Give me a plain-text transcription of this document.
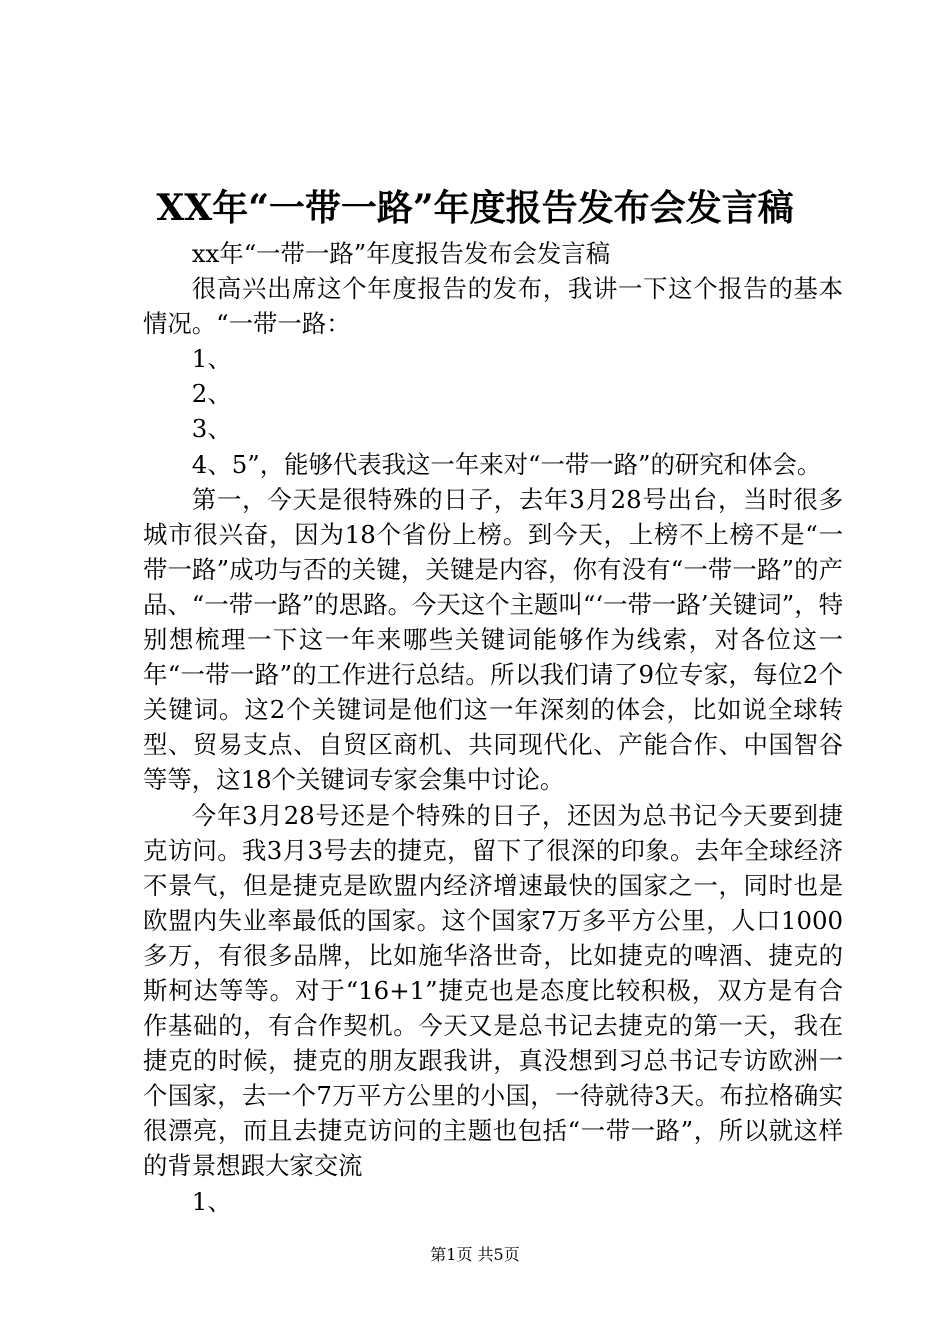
XX年“一带一路”年度报告发布会发言稿

xx年“一带一路”年度报告发布会发言稿

很高兴出席这个年度报告的发布，我讲一下这个报告的基本情况。“一带一路：

1、

2、

3、

4、5”，能够代表我这一年来对“一带一路”的研究和体会。

第一，今天是很特殊的日子，去年3月28号出台，当时很多城市很兴奋，因为18个省份上榜。到今天，上榜不上榜不是“一带一路”成功与否的关键，关键是内容，你有没有“一带一路”的产品、“一带一路”的思路。今天这个主题叫“‘一带一路’关键词”，特别想梳理一下这一年来哪些关键词能够作为线索，对各位这一年“一带一路”的工作进行总结。所以我们请了9位专家，每位2个关键词。这2个关键词是他们这一年深刻的体会，比如说全球转型、贸易支点、自贸区商机、共同现代化、产能合作、中国智谷等等，这18个关键词专家会集中讨论。

今年3月28号还是个特殊的日子，还因为总书记今天要到捷克访问。我3月3号去的捷克，留下了很深的印象。去年全球经济不景气，但是捷克是欧盟内经济增速最快的国家之一，同时也是欧盟内失业率最低的国家。这个国家7万多平方公里，人口1000多万，有很多品牌，比如施华洛世奇，比如捷克的啤酒、捷克的斯柯达等等。对于“16+1”捷克也是态度比较积极，双方是有合作基础的，有合作契机。今天又是总书记去捷克的第一天，我在捷克的时候，捷克的朋友跟我讲，真没想到习总书记专访欧洲一个国家，去一个7万平方公里的小国，一待就待3天。布拉格确实很漂亮，而且去捷克访问的主题也包括“一带一路”，所以就这样的背景想跟大家交流

1、

第1页 共5页
